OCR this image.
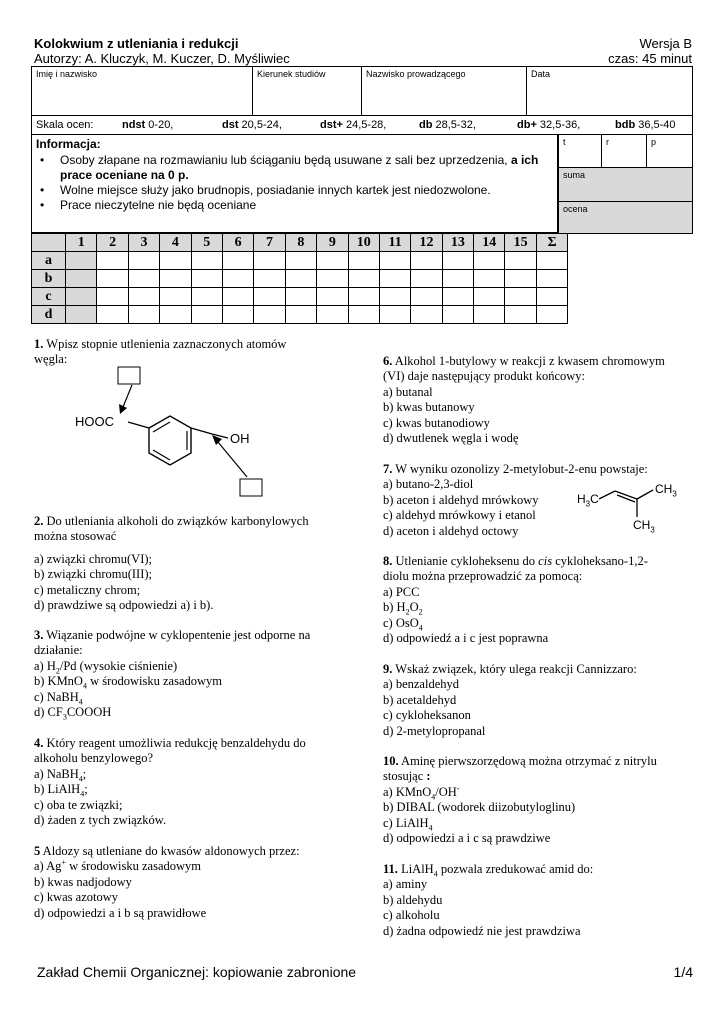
Kolokwium z utleniania i redukcji	Wersja B
Autorzy: A. Kluczyk, M. Kuczer, D. Myśliwiec	czas: 45 minut
Imię i nazwisko	Kierunek studiów	Nazwisko prowadzącego	Data
Skala ocen:	ndst 0-20,	dst 20,5-24,	dst+ 24,5-28,	db 28,5-32,	db+ 32,5-36,	bdb 36,5-40
Informacja:
• Osoby złapane na rozmawianiu lub ściąganiu będą usuwane z sali bez uprzedzenia, a ich prace oceniane na 0 p.
• Wolne miejsce służy jako brudnopis, posiadanie innych kartek jest niedozwolone.
• Prace nieczytelne nie będą oceniane
t	r	p
suma
ocena
	1	2	3	4	5	6	7	8	9	10	11	12	13	14	15	Σ
a																
b																
c																
d																
1. Wpisz stopnie utlenienia zaznaczonych atomów
węgla:
HOOC
OH
2. Do utleniania alkoholi do związków karbonylowych
można stosować
a) związki chromu(VI);
b) związki chromu(III);
c) metaliczny chrom;
d) prawdziwe są odpowiedzi a) i b).
3. Wiązanie podwójne w cyklopentenie jest odporne na
działanie:
a) $H_2/Pd$ (wysokie ciśnienie)
b) KMnO$_4$ w środowisku zasadowym
c) NaBH$_4$
d) $CF_3COOOH$
4. Który reagent umożliwia redukcję benzaldehydu do
alkoholu benzylowego?
a) NaBH$_4$;
b) LiAlH$_4$;
c) oba te związki;
d) żaden z tych związków.
5 Aldozy są utleniane do kwasów aldonowych przez:
a) Ag+ w środowisku zasadowym
b) kwas nadjodowy
c) kwas azotowy
d) odpowiedzi a i b są prawidłowe
6. Alkohol 1-butylowy w reakcji z kwasem chromowym
(VI) daje następujący produkt końcowy:
a) butanal
b) kwas butanowy
c) kwas butanodiowy
d) dwutlenek węgla i wodę
7. W wyniku ozonolizy 2-metylobut-2-enu powstaje:
a) butano-2,3-diol
b) aceton i aldehyd mrówkowy
c) aldehyd mrówkowy i etanol
d) aceton i aldehyd octowy
$H_3C$
$CH_3$
$CH_3$
8. Utlenianie cykloheksenu do cis cykloheksano-1,2-
diolu można przeprowadzić za pomocą:
a) PCC
b) $H_2O_2$
c) OsO$_4$
d) odpowiedź a i c jest poprawna
9. Wskaż związek, który ulega reakcji Cannizzaro:
a) benzaldehyd
b) acetaldehyd
c) cykloheksanon
d) 2-metylopropanal
10. Aminę pierwszorzędową można otrzymać z nitrylu
stosując :
a) KMnO$_4$/OH-
b) DIBAL (wodorek diizobutyloglinu)
c) LiAlH$_4$
d) odpowiedzi a i c są prawdziwe
11. LiAlH$_4$ pozwala zredukować amid do:
a) aminy
b) aldehydu
c) alkoholu
d) żadna odpowiedź nie jest prawdziwa
Zakład Chemii Organicznej: kopiowanie zabronione	1/4
